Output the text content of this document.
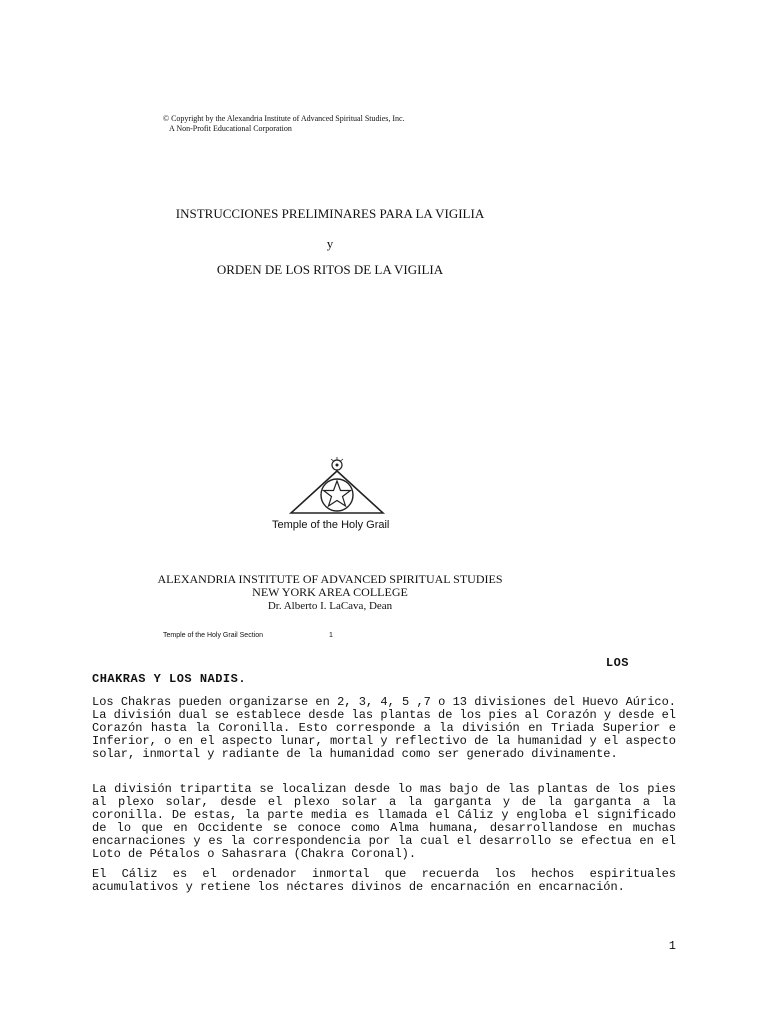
© Copyright by the Alexandria Institute of Advanced Spiritual Studies, Inc.
A Non-Profit Educational Corporation
INSTRUCCIONES PRELIMINARES PARA LA VIGILIA
y
ORDEN DE LOS RITOS DE LA VIGILIA
Temple of the Holy Grail
ALEXANDRIA INSTITUTE OF ADVANCED SPIRITUAL STUDIES
NEW YORK AREA COLLEGE
Dr. Alberto I. LaCava, Dean
Temple of the Holy Grail Section	1
LOS
CHAKRAS Y LOS NADIS.

Los Chakras pueden organizarse en 2, 3, 4, 5 ,7 o 13 divisiones del Huevo Aúrico. La división dual se establece desde las plantas de los pies al Corazón y desde el Corazón hasta la Coronilla. Esto corresponde a la división en Triada Superior e Inferior, o en el aspecto lunar, mortal y reflectivo de la humanidad y el aspecto solar, inmortal y radiante de la humanidad como ser generado divinamente.

La división tripartita se localizan desde lo mas bajo de las plantas de los pies al plexo solar, desde el plexo solar a la garganta y de la garganta a la coronilla. De estas, la parte media es llamada el Cáliz y engloba el significado de lo que en Occidente se conoce como Alma humana, desarrollandose en muchas encarnaciones y es la correspondencia por la cual el desarrollo se efectua en el Loto de Pétalos o Sahasrara (Chakra Coronal).

El Cáliz es el ordenador inmortal que recuerda los hechos espirituales acumulativos y retiene los néctares divinos de encarnación en encarnación.

1
